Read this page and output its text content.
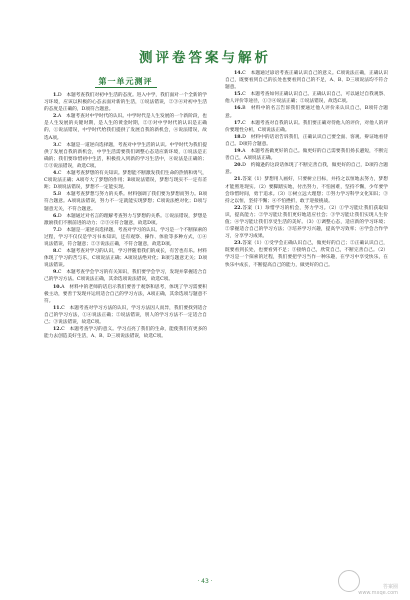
测评卷答案与解析
第一单元测评

1.D　本题考查我们对初中生活的态度。进入中学，我们面对一个全新的学习环境，应该以积极的心态去面对新的生活，①说法错误，②③④对初中生活的态度是正确的，D项符合题意。

2.A　本题考查对中学时代的认识。中学时代是人生发展的一个新阶段，也是人生发展的关键时期，是人生的黄金时期，②③对中学时代的认识是正确的，①说法错误，中学时代给我们提供了发展自我的新机会，④说法错误，故选A项。

3.C　本题是一道逆向选择题，考查对中学生活的认识。中学时代为我们提供了发展自我的新机会，中学生活需要我们调整心态适应新环境，①说法是正确的；我们要珍惜初中生活，积极投入到新的学习生活中，④说法是正确的；②③说法错误，故选C项。

4.C　本题考查梦想的有关知识。梦想能不断激发我们生命的热情和勇气，C项说法正确；A项夸大了梦想的作用；B项说法错误，梦想与现实不一定有差距；D项说法错误，梦想不一定能实现。

5.B　本题考查梦想与努力的关系。材料强调了我们要为梦想而努力。B项符合题意。A项说法错误，努力不一定就能实现梦想；C项说法绝对化；D项与题意无关，不符合题意。

6.D　本题通过对名言的理解考查努力与梦想的关系。①说法错误，梦想是激励我们不断前进的动力；②③④符合题意，故选D项。

7.D　本题是一道逆向选择题，考查对学习的认识。学习是一个不断探索的过程，学习不仅仅是学习书本知识，还有观察、操作、体验等多种方式，①④说法错误，符合题意；②③说法正确，不符合题意，故选D项。

8.C　本题考查对学习的认识，学习伴随着我们的成长，有苦也有乐。材料体现了学习的苦与乐，C项说法正确；A项说法绝对化；B项与题意无关；D项说法错误。

9.C　本题考查学会学习的有关知识，我们要学会学习，发现并掌握适合自己的学习方法。C项说法正确，其余选项说法错误，故选C项。

10.A　材料中的老师的话启示我们要善于观察和思考，体现了学习需要积极主动，要善于发现并运用适合自己的学习方法，A项正确，其余选项与题意不符。

11.C　本题考查对学习方法的认识，学习方法因人而异，我们要找到适合自己的学习方法，①④说法正确；②说法错误，别人的学习方法不一定适合自己；③说法错误，故选C项。

12.C　本题考查学习的意义。学习点亮了我们的生命，能使我们有更多的能力去创造美好生活，A、B、D三项说法错误，故选C项。

14.C　本题通过谚语考查正确认识自己的意义。C项说法正确，正确认识自己，既要看到自己的长处也要看到自己的不足，A、B、D三项说法均不符合题意。

15.C　本题考查如何正确认识自己。正确认识自己，可以通过自我观察、他人评价等途径，①③④说法正确；②说法错误，故选C项。

16.B　材料中的名言告诉我们要通过他人评价来认识自己，B项符合题意。

17.C　本题考查对自我的认识。我们要正确对待他人的评价，对他人的评价要理性分析，C项说法正确。

18.D　材料中的话语告诉我们，正确认识自己要全面、客观、辩证地看待自己。D项符合题意。

19.A　本题考查做更好的自己。做更好的自己需要我们扬长避短，不断完善自己，A项说法正确。

20.D　约翰逊的这段话体现了不断完善自我，做更好的自己，D项符合题意。

21.答案（1）梦想用人画好，只要树立目标，并持之以恒地去努力，梦想才能照进现实。（2）要脚踏实地，付出努力，不怕困难，坚持不懈，少年要学会珍惜时间，勇于追求。（3）①树立远大理想；②努力学习科学文化知识；③持之以恒，坚持不懈；④不怕挫折，敢于迎接挑战。

22.答案（1）珍惜学习的机会，努力学习。（2）①学习能让我们获取知识，提高能力；②学习能让我们更好地适应社会；③学习能让我们实现人生价值；④学习能让我们享受生活的美好。（3）①调整心态，适应新的学习环境；②掌握适合自己的学习方法；③培养学习兴趣，提高学习效率；④学会合作学习，分享学习成果。

23.答案（1）①受学会正确认识自己，做更好的自己；②正确认识自己，既要看到长处，也要看到不足；③接纳自己，欣赏自己，不断完善自己。（2）学习是一个探索的过程，我们要把学习当作一种乐趣，在学习中享受快乐，在快乐中成长，不断提高自己的能力，做更好的自己。

· 43 ·
答案圈
www.mxqe.com
